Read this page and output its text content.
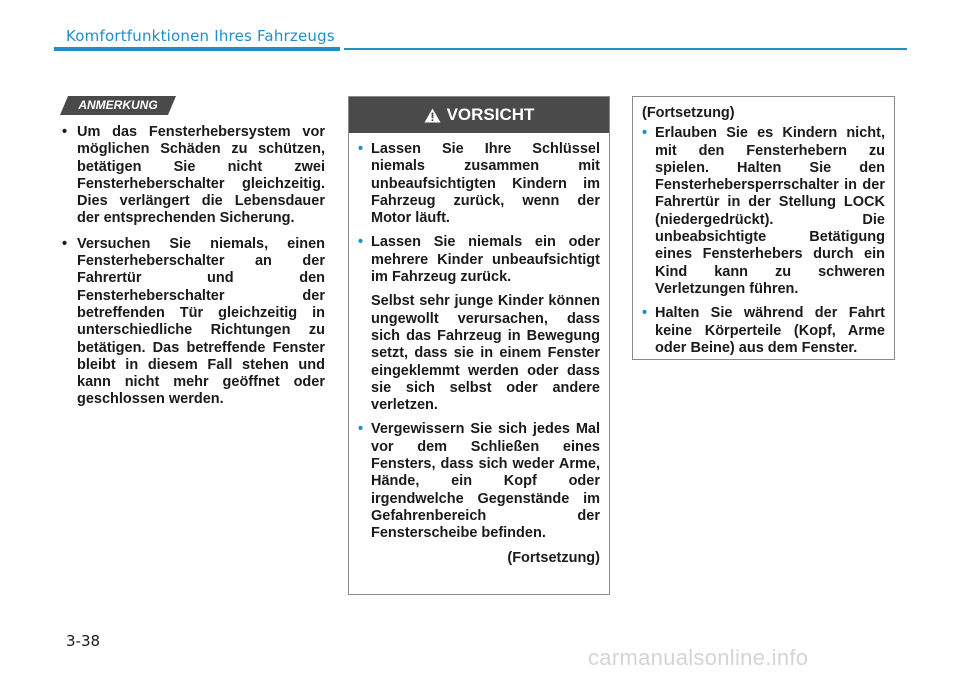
Komfortfunktionen Ihres Fahrzeugs
ANMERKUNG
• Um das Fensterhebersystem vor möglichen Schäden zu schützen, betätigen Sie nicht zwei Fensterheberschalter gleichzeitig. Dies verlängert die Lebensdauer der entsprechenden Sicherung.
• Versuchen Sie niemals, einen Fensterheberschalter an der Fahrertür und den Fensterheberschalter der betreffenden Tür gleichzeitig in unterschiedliche Richtungen zu betätigen. Das betreffende Fenster bleibt in diesem Fall stehen und kann nicht mehr geöffnet oder geschlossen werden.
VORSICHT
• Lassen Sie Ihre Schlüssel niemals zusammen mit unbeaufsichtigten Kindern im Fahrzeug zurück, wenn der Motor läuft.
• Lassen Sie niemals ein oder mehrere Kinder unbeaufsichtigt im Fahrzeug zurück.
Selbst sehr junge Kinder können ungewollt verursachen, dass sich das Fahrzeug in Bewegung setzt, dass sie in einem Fenster eingeklemmt werden oder dass sie sich selbst oder andere verletzen.
• Vergewissern Sie sich jedes Mal vor dem Schließen eines Fensters, dass sich weder Arme, Hände, ein Kopf oder irgendwelche Gegenstände im Gefahrenbereich der Fensterscheibe befinden.
(Fortsetzung)
(Fortsetzung)
• Erlauben Sie es Kindern nicht, mit den Fensterhebern zu spielen. Halten Sie den Fensterhebersperrschalter in der Fahrertür in der Stellung LOCK (niedergedrückt). Die unbeabsichtigte Betätigung eines Fensterhebers durch ein Kind kann zu schweren Verletzungen führen.
• Halten Sie während der Fahrt keine Körperteile (Kopf, Arme oder Beine) aus dem Fenster.
3-38
carmanualsonline.info
